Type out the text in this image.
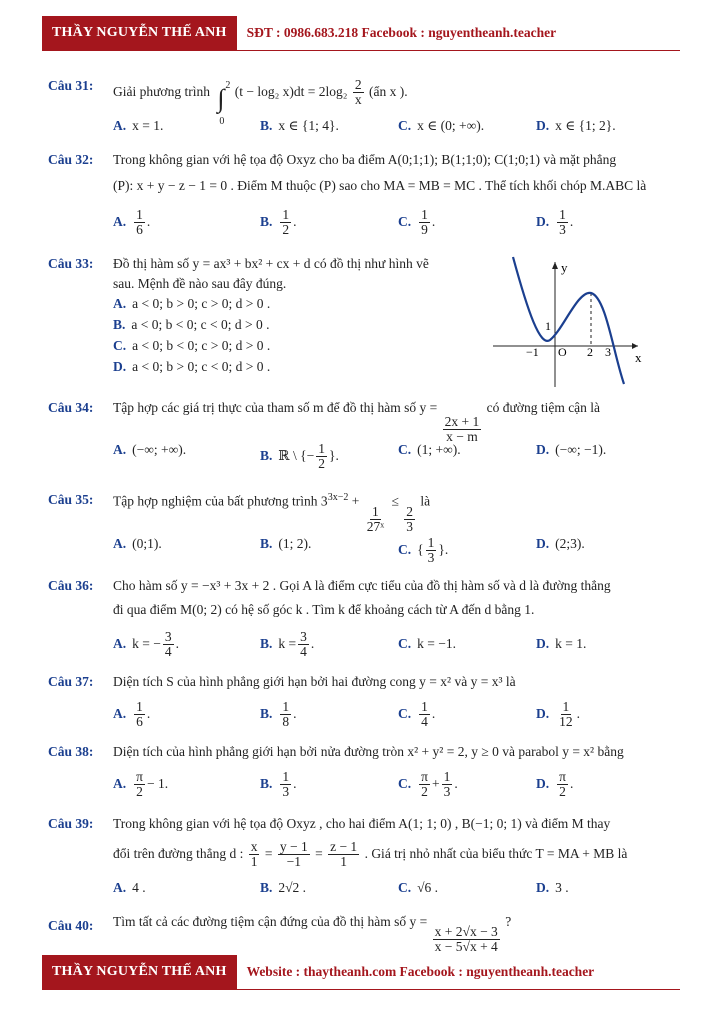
THẦY NGUYỄN THẾ ANH	SĐT : 0986.683.218 Facebook : nguyentheanh.teacher
Câu 31:	Giải phương trình ∫ 2
0
(t − log₂ $x)dt = 2\log_2 \frac{2}{x}$ (ẩn x ).
A. x = 1.	B. x ∈ {1; 4}.	C. x ∈ (0; +∞).	D. x ∈ {1; 2}.
Câu 32:	Trong không gian với hệ tọa độ Oxyz cho ba điểm A(0;1;1); B(1;1;0); C(1;0;1) và mặt phẳng
(P): x + y − z − 1 = 0 . Điểm M thuộc (P) sao cho MA = MB = MC . Thể tích khối chóp M.ABC là
A. $\frac{1}{6}$ .	B. $\frac{1}{2}$ .	C. $\frac{1}{9}$ .	D. $\frac{1}{3}$ .
Câu 33:	Đồ thị hàm số y = ax³ + bx² + cx + d có đồ thị như hình vẽ
sau. Mệnh đề nào sau đây đúng.
A. a < 0; b > 0; c > 0; d > 0 .
B. a < 0; b < 0; c < 0; d > 0 .
C. a < 0; b < 0; c > 0; d > 0 .
D. a < 0; b > 0; c < 0; d > 0 .
y
x
O
1
−1	2 3
Câu 34:	Tập hợp các giá trị thực của tham số m để đồ thị hàm số y =
$\frac{2x + 1}{x - m}$
có đường tiệm cận là
A. (−∞; +∞).	B. ℝ \ {− $\frac{1}{2}$ }.	C. (1; +∞).	D. (−∞; −1).
Câu 35:	Tập hợp nghiệm của bất phương trình $3^{3x-2}$ +
$\frac{1}{\text{27ˣ}}$
≤
$\frac{2}{3}$
là
A. (0;1).	B. (1; 2).	C. { $\frac{1}{3}$ }.	D. (2;3).
Câu 36:	Cho hàm số y = −x³ + 3x + 2 . Gọi A là điểm cực tiểu của đồ thị hàm số và d là đường thẳng
đi qua điểm M(0; 2) có hệ số góc k . Tìm k để khoảng cách từ A đến d bằng 1.
A. k = − $\frac{3}{4}$ .	B. $k = \frac{3}{4}$ .	C. k = −1.	D. k = 1.
Câu 37:	Diện tích S của hình phẳng giới hạn bởi hai đường cong y = x² và y = x³ là
A. $\frac{1}{6}$ .	B. $\frac{1}{8}$ .	C. $\frac{1}{4}$ .	D. $\frac{1}{12}$ .
Câu 38:	Diện tích của hình phẳng giới hạn bởi nửa đường tròn x² + y² = 2, y ≥ 0 và parabol y = x² bằng
A. $\frac{\pi}{2} - 1$.	B. $\frac{1}{3}$ .	C. $\frac{\pi}{2} + \frac{1}{3}$ .	D. $\frac{\pi}{2}$ .
Câu 39:	Trong không gian với hệ tọa độ Oxyz , cho hai điểm A(1; 1; 0) , B(−1; 0; 1) và điểm M thay
đổi trên đường thẳng d : $\frac{x}{1} = \frac{y - 1}{-1} = \frac{z - 1}{1}$ . Giá trị nhỏ nhất của biểu thức T = MA + MB là
A. 4 .	B. 2√2 .	C. √6 .	D. 3 .
Câu 40:	Tìm tất cả các đường tiệm cận đứng của đồ thị hàm số y =
$\frac{x + 2√x - 3}{x - 5√x + 4}$
?
THẦY NGUYỄN THẾ ANH	Website : thaytheanh.com Facebook : nguyentheanh.teacher
